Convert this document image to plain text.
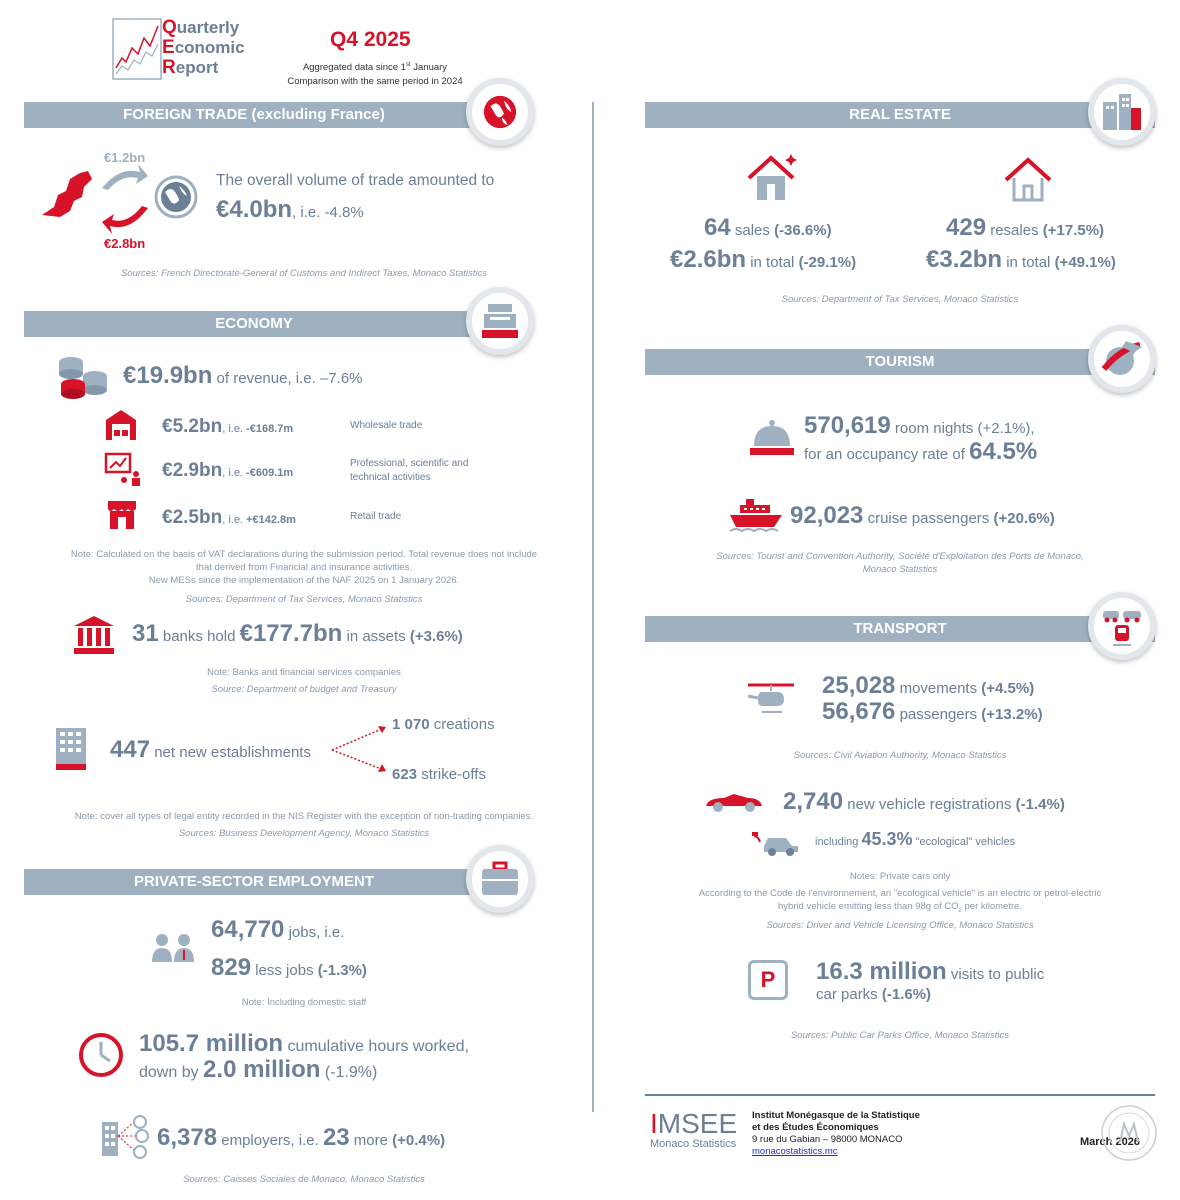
Quarterly
Economic
Report
Q4 2025
Aggregated data since 1st January
Comparison with the same period in 2024
FOREIGN TRADE (excluding France)
€1.2bn
€2.8bn
The overall volume of trade amounted to
€4.0bn, i.e. -4.8%
Sources: French Directorate-General of Customs and Indirect Taxes, Monaco Statistics
ECONOMY
€19.9bn of revenue, i.e. –7.6%
€5.2bn, i.e. -€168.7m	Wholesale trade
€2.9bn, i.e. -€609.1m
Professional, scientific and technical activities
€2.5bn, i.e. +€142.8m	Retail trade
Note: Calculated on the basis of VAT declarations during the submission period. Total revenue does not include
that derived from Financial and insurance activities.
New MESs since the implementation of the NAF 2025 on 1 January 2026.
Sources: Department of Tax Services, Monaco Statistics
31 banks hold €177.7bn in assets (+3.6%)
Note: Banks and financial services companies
Source: Department of budget and Treasury
447 net new establishments
1 070 creations
623 strike-offs
Note: cover all types of legal entity recorded in the NIS Register with the exception of non-trading companies.
Sources: Business Development Agency, Monaco Statistics
PRIVATE-SECTOR EMPLOYMENT
64,770 jobs, i.e.
829 less jobs (-1.3%)
Note: Including domestic staff
105.7 million cumulative hours worked,
down by 2.0 million (-1.9%)
6,378 employers, i.e. 23 more (+0.4%)
Sources: Caisses Sociales de Monaco, Monaco Statistics
REAL ESTATE
64 sales (-36.6%)
€2.6bn in total (-29.1%)
429 resales (+17.5%)
€3.2bn in total (+49.1%)
Sources: Department of Tax Services, Monaco Statistics
TOURISM
570,619 room nights (+2.1%),
for an occupancy rate of 64.5%
92,023 cruise passengers (+20.6%)
Sources: Tourist and Convention Authority, Société d'Exploitation des Ports de Monaco,
Monaco Statistics
TRANSPORT
25,028 movements (+4.5%)
56,676 passengers (+13.2%)
Sources: Civil Aviation Authority, Monaco Statistics
2,740 new vehicle registrations (-1.4%)
including 45.3% "ecological" vehicles
Notes: Private cars only
According to the Code de l'environnement, an "ecological vehicle" is an electric or petrol-electric
hybrid vehicle emitting less than 98g of $CO_2$ per kilometre.
Sources: Driver and Vehicle Licensing Office, Monaco Statistics
P 16.3 million visits to public
car parks (-1.6%)
Sources: Public Car Parks Office, Monaco Statistics
IMSEE
Monaco Statistics
Institut Monégasque de la Statistique
et des Études Économiques
9 rue du Gabian – 98000 MONACO
monacostatistics.mc
March 2026
